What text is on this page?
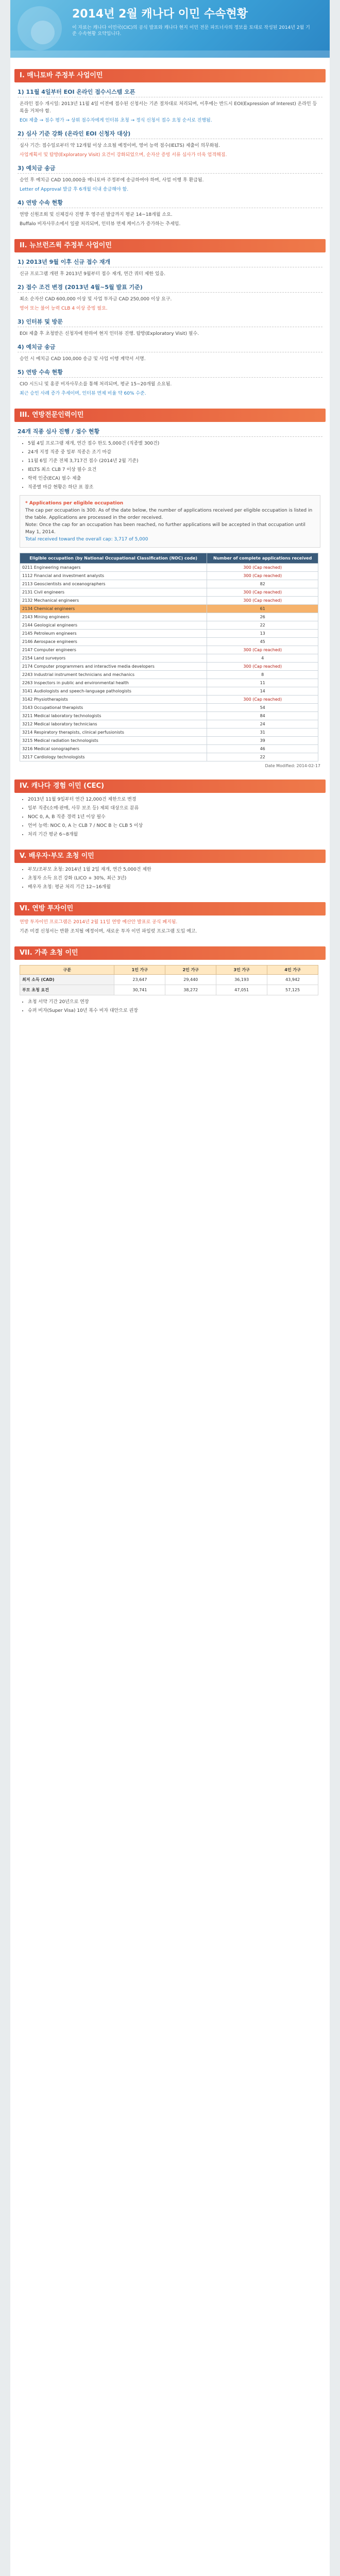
2014년 2월 캐나다 이민 수속현황
이 자료는 캐나다 이민국(CIC)의 공식 발표와 캐나다 현지 이민 전문 파트너사의 정보를 토대로 작성된 2014년 2월 기준 수속현황 요약입니다.
I. 매니토바 주정부 사업이민
1) 11월 4일부터 EOI 온라인 접수시스템 오픈

온라인 접수 개시일: 2013년 11월 4일 이전에 접수된 신청서는 기존 절차대로 처리되며, 이후에는 반드시 EOI(Expression of Interest) 온라인 등록을 거쳐야 함.

EOI 제출 → 점수 평가 → 상위 점수자에게 인터뷰 초청 → 정식 신청서 접수 요청 순서로 진행됨.

2) 심사 기준 강화 (온라인 EOI 신청자 대상)

심사 기간: 접수일로부터 약 12개월 이상 소요될 예정이며, 영어 능력 점수(IELTS) 제출이 의무화됨.

사업계획서 및 탐방(Exploratory Visit) 요건이 강화되었으며, 순자산 증빙 서류 심사가 더욱 엄격해짐.

3) 예치금 송금

승인 후 예치금 CAD 100,000을 매니토바 주정부에 송금하여야 하며, 사업 이행 후 환급됨.

Letter of Approval 발급 후 6개월 이내 송금해야 함.

4) 연방 수속 현황

연방 신원조회 및 신체검사 진행 후 영주권 발급까지 평균 14~18개월 소요.

Buffalo 비자사무소에서 일괄 처리되며, 인터뷰 면제 케이스가 증가하는 추세임.

II. 뉴브런즈윅 주정부 사업이민
1) 2013년 9월 이후 신규 접수 재개

신규 프로그램 개편 후 2013년 9월부터 접수 재개, 연간 쿼터 제한 있음.

2) 접수 조건 변경 (2013년 4월~5월 발표 기준)

최소 순자산 CAD 600,000 이상 및 사업 투자금 CAD 250,000 이상 요구.

영어 또는 불어 능력 CLB 4 이상 증빙 필요.

3) 인터뷰 및 방문

EOI 제출 후 초청받은 신청자에 한하여 현지 인터뷰 진행. 탐방(Exploratory Visit) 필수.

4) 예치금 송금

승인 시 예치금 CAD 100,000 송금 및 사업 이행 계약서 서명.

5) 연방 수속 현황

CIO 시드니 및 홍콩 비자사무소를 통해 처리되며, 평균 15~20개월 소요됨.

최근 승인 사례 증가 추세이며, 인터뷰 면제 비율 약 60% 수준.

III. 연방전문인력이민
24개 직종 심사 진행 / 접수 현황
• 5월 4일 프로그램 재개, 연간 접수 한도 5,000건 (직종별 300건)
• 24개 지정 직종 중 일부 직종은 조기 마감
• 11월 6일 기준 전체 3,717건 접수 (2014년 2월 기준)
• IELTS 최소 CLB 7 이상 필수 요건
• 학력 인증(ECA) 필수 제출
• 직종별 마감 현황은 하단 표 참조
* Applications per eligible occupation
The cap per occupation is 300. As of the date below, the number of applications received per eligible occupation is listed in the table. Applications are processed in the order received.
Note: Once the cap for an occupation has been reached, no further applications will be accepted in that occupation until May 1, 2014.
Total received toward the overall cap: 3,717 of 5,000
Eligible occupation (by National Occupational Classification (NOC) code)	Number of complete applications received
0211 Engineering managers	300 (Cap reached)
1112 Financial and investment analysts	300 (Cap reached)
2113 Geoscientists and oceanographers	82
2131 Civil engineers	300 (Cap reached)
2132 Mechanical engineers	300 (Cap reached)
2134 Chemical engineers	61
2143 Mining engineers	26
2144 Geological engineers	22
2145 Petroleum engineers	13
2146 Aerospace engineers	45
2147 Computer engineers	300 (Cap reached)
2154 Land surveyors	4
2174 Computer programmers and interactive media developers	300 (Cap reached)
2243 Industrial instrument technicians and mechanics	8
2263 Inspectors in public and environmental health	11
3141 Audiologists and speech-language pathologists	14
3142 Physiotherapists	300 (Cap reached)
3143 Occupational therapists	54
3211 Medical laboratory technologists	84
3212 Medical laboratory technicians	24
3214 Respiratory therapists, clinical perfusionists	31
3215 Medical radiation technologists	39
3216 Medical sonographers	46
3217 Cardiology technologists	22
Date Modified: 2014-02-17
IV. 캐나다 경험 이민 (CEC)
• 2013년 11월 9일부터 연간 12,000건 제한으로 변경
• 일부 직종(소매·판매, 사무 보조 등) 제외 대상으로 분류
• NOC 0, A, B 직종 경력 1년 이상 필수
• 언어 능력: NOC 0, A 는 CLB 7 / NOC B 는 CLB 5 이상
• 처리 기간 평균 6~8개월
V. 배우자·부모 초청 이민
• 부모/조부모 초청: 2014년 1월 2일 재개, 연간 5,000건 제한
• 초청자 소득 요건 강화 (LICO + 30%, 최근 3년)
• 배우자 초청: 평균 처리 기간 12~16개월
VI. 연방 투자이민

연방 투자이민 프로그램은 2014년 2월 11일 연방 예산안 발표로 공식 폐지됨.

기존 미결 신청서는 반환 조치될 예정이며, 새로운 투자 이민 파일럿 프로그램 도입 예고.

VII. 가족 초청 이민
구분	1인 가구	2인 가구	3인 가구	4인 가구
최저 소득 (CAD)	23,647	29,440	36,193	43,942
부모 초청 요건	30,741	38,272	47,051	57,125
• 초청 서약 기간 20년으로 연장
• 슈퍼 비자(Super Visa) 10년 복수 비자 대안으로 권장
